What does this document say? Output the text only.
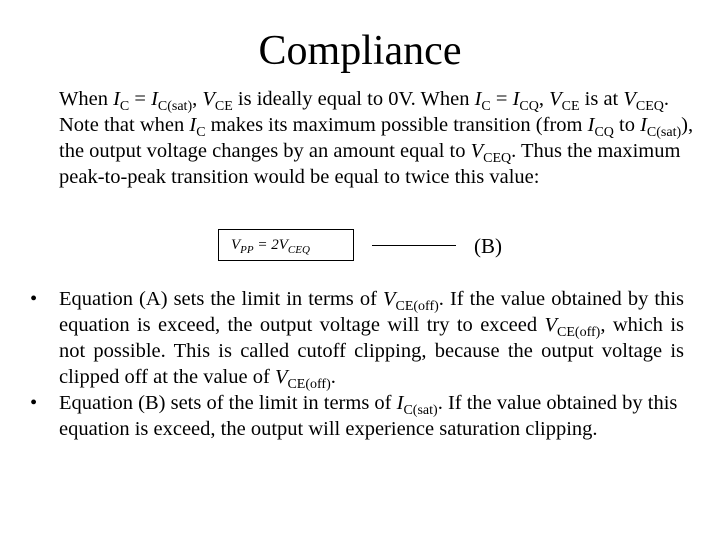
Compliance
When $I_C = I_{C(sat)}$, $V_{CE}$ is ideally equal to 0V. When $I_C = I_{CQ}$, $V_{CE}$ is at $V_{CEQ}$. Note that when $I_C$ makes its maximum possible transition (from $I_{CQ}$ to $I_{C(sat)}$), the output voltage changes by an amount equal to $V_{CEQ}$. Thus the maximum peak-to-peak transition would be equal to twice this value:
$V_{PP} = 2V_{CEQ}$	(B)
•	Equation (A) sets the limit in terms of $V_{CE(off)}$. If the value obtained by this equation is exceed, the output voltage will try to exceed $V_{CE(off)}$, which is not possible. This is called cutoff clipping, because the output voltage is clipped off at the value of $V_{CE(off)}$.
•	Equation (B) sets of the limit in terms of $I_{C(sat)}$. If the value obtained by this equation is exceed, the output will experience saturation clipping.
